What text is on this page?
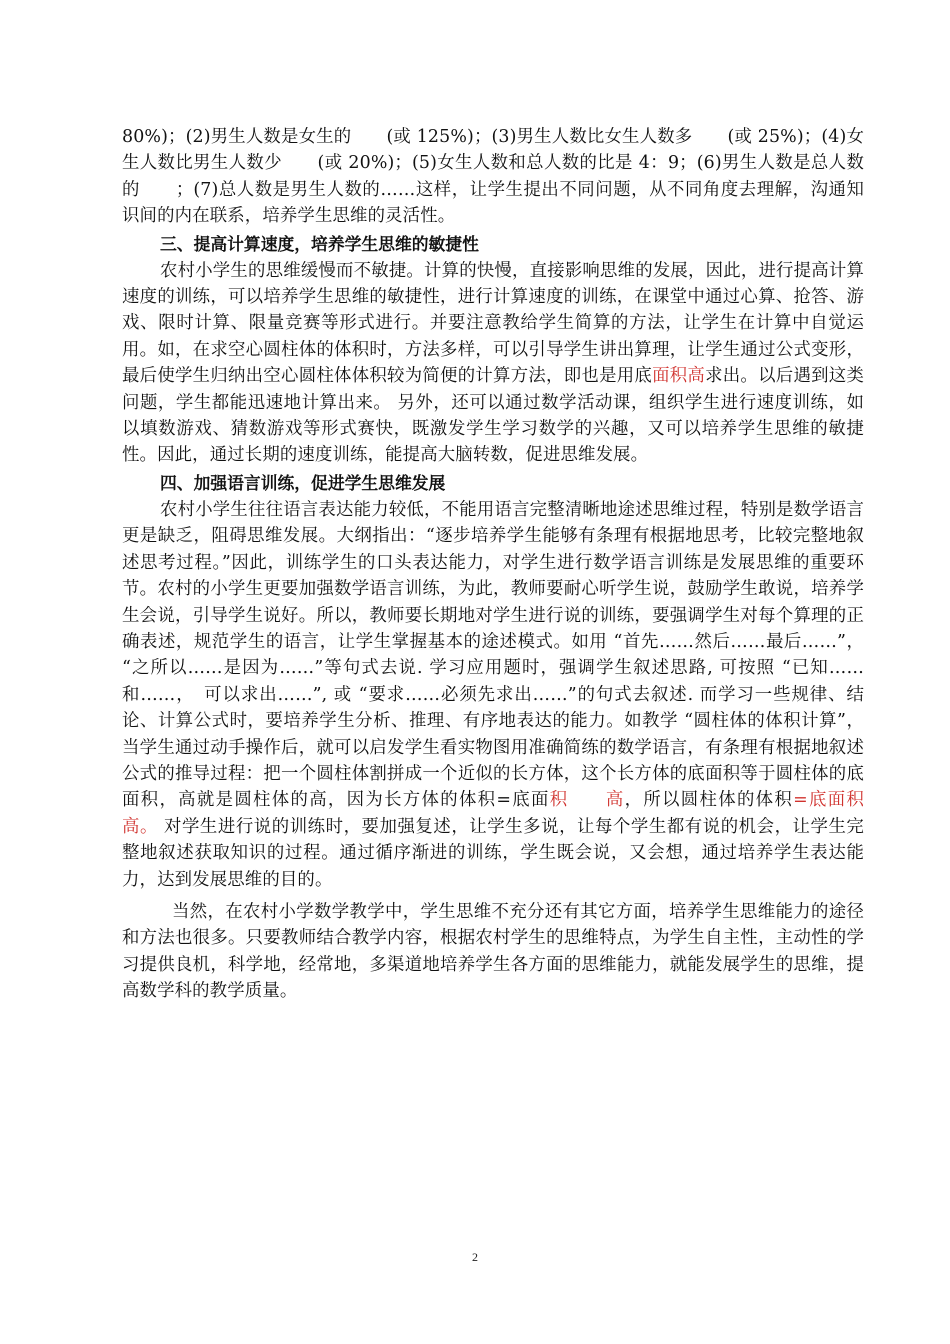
80%)；(2)男生人数是女生的　　(或 125%)；(3)男生人数比女生人数多　　(或 25%)；(4)女生人数比男生人数少　　(或 20%)；(5)女生人数和总人数的比是 4：9；(6)男生人数是总人数的　　；(7)总人数是男生人数的……这样，让学生提出不同问题，从不同角度去理解，沟通知识间的内在联系，培养学生思维的灵活性。

三、提高计算速度，培养学生思维的敏捷性

农村小学生的思维缓慢而不敏捷。计算的快慢，直接影响思维的发展，因此，进行提高计算速度的训练，可以培养学生思维的敏捷性，进行计算速度的训练，在课堂中通过心算、抢答、游戏、限时计算、限量竞赛等形式进行。并要注意教给学生简算的方法，让学生在计算中自觉运用。如，在求空心圆柱体的体积时，方法多样，可以引导学生讲出算理，让学生通过公式变形，最后使学生归纳出空心圆柱体体积较为简便的计算方法，即也是用底面积高求出。以后遇到这类问题，学生都能迅速地计算出来。 另外，还可以通过数学活动课，组织学生进行速度训练，如以填数游戏、猜数游戏等形式赛快，既激发学生学习数学的兴趣，又可以培养学生思维的敏捷性。因此，通过长期的速度训练，能提高大脑转数，促进思维发展。

四、加强语言训练，促进学生思维发展

农村小学生往往语言表达能力较低，不能用语言完整清晰地途述思维过程，特别是数学语言更是缺乏，阻碍思维发展。大纲指出：“逐步培养学生能够有条理有根据地思考，比较完整地叙述思考过程。”因此，训练学生的口头表达能力，对学生进行数学语言训练是发展思维的重要环节。农村的小学生更要加强数学语言训练，为此，教师要耐心听学生说，鼓励学生敢说，培养学生会说，引导学生说好。所以，教师要长期地对学生进行说的训练，要强调学生对每个算理的正确表述，规范学生的语言，让学生掌握基本的途述模式。如用 “首先……然后……最后……”， “之所以……是因为……”等句式去说. 学习应用题时，强调学生叙述思路, 可按照 “已知……和……，　可以求出……”, 或 “要求……必须先求出……”的句式去叙述. 而学习一些规律、结论、计算公式时，要培养学生分析、推理、有序地表达的能力。如教学 “圆柱体的体积计算”，当学生通过动手操作后，就可以启发学生看实物图用准确简练的数学语言，有条理有根据地叙述公式的推导过程：把一个圆柱体割拼成一个近似的长方体，这个长方体的底面积等于圆柱体的底面积，高就是圆柱体的高，因为长方体的体积=底面积　　高，所以圆柱体的体积=底面积　　高。 对学生进行说的训练时，要加强复述，让学生多说，让每个学生都有说的机会，让学生完整地叙述获取知识的过程。通过循序渐进的训练，学生既会说，又会想，通过培养学生表达能力，达到发展思维的目的。

当然，在农村小学数学教学中，学生思维不充分还有其它方面，培养学生思维能力的途径和方法也很多。只要教师结合教学内容，根据农村学生的思维特点，为学生自主性，主动性的学习提供良机，科学地，经常地，多渠道地培养学生各方面的思维能力，就能发展学生的思维，提高数学科的教学质量。

2
